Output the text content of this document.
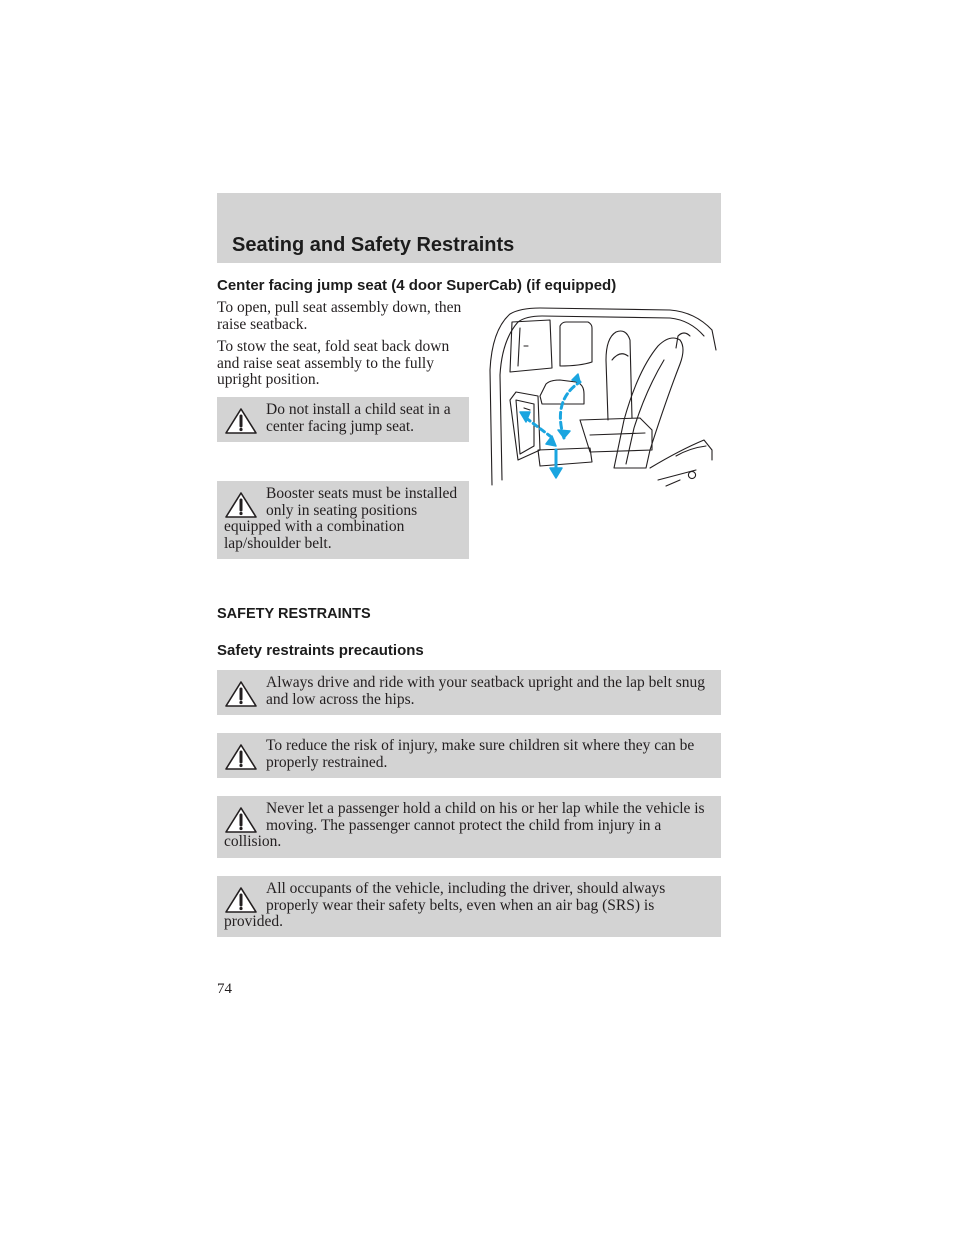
Seating and Safety Restraints
Center facing jump seat (4 door SuperCab) (if equipped)
To open, pull seat assembly down, then raise seatback.
To stow the seat, fold seat back down and raise seat assembly to the fully upright position.
Do not install a child seat in a center facing jump seat.
Booster seats must be installed only in seating positions equipped with a combination lap/shoulder belt.
SAFETY RESTRAINTS
Safety restraints precautions
Always drive and ride with your seatback upright and the lap belt snug and low across the hips.
To reduce the risk of injury, make sure children sit where they can be properly restrained.
Never let a passenger hold a child on his or her lap while the vehicle is moving. The passenger cannot protect the child from injury in a collision.
All occupants of the vehicle, including the driver, should always properly wear their safety belts, even when an air bag (SRS) is provided.
74
